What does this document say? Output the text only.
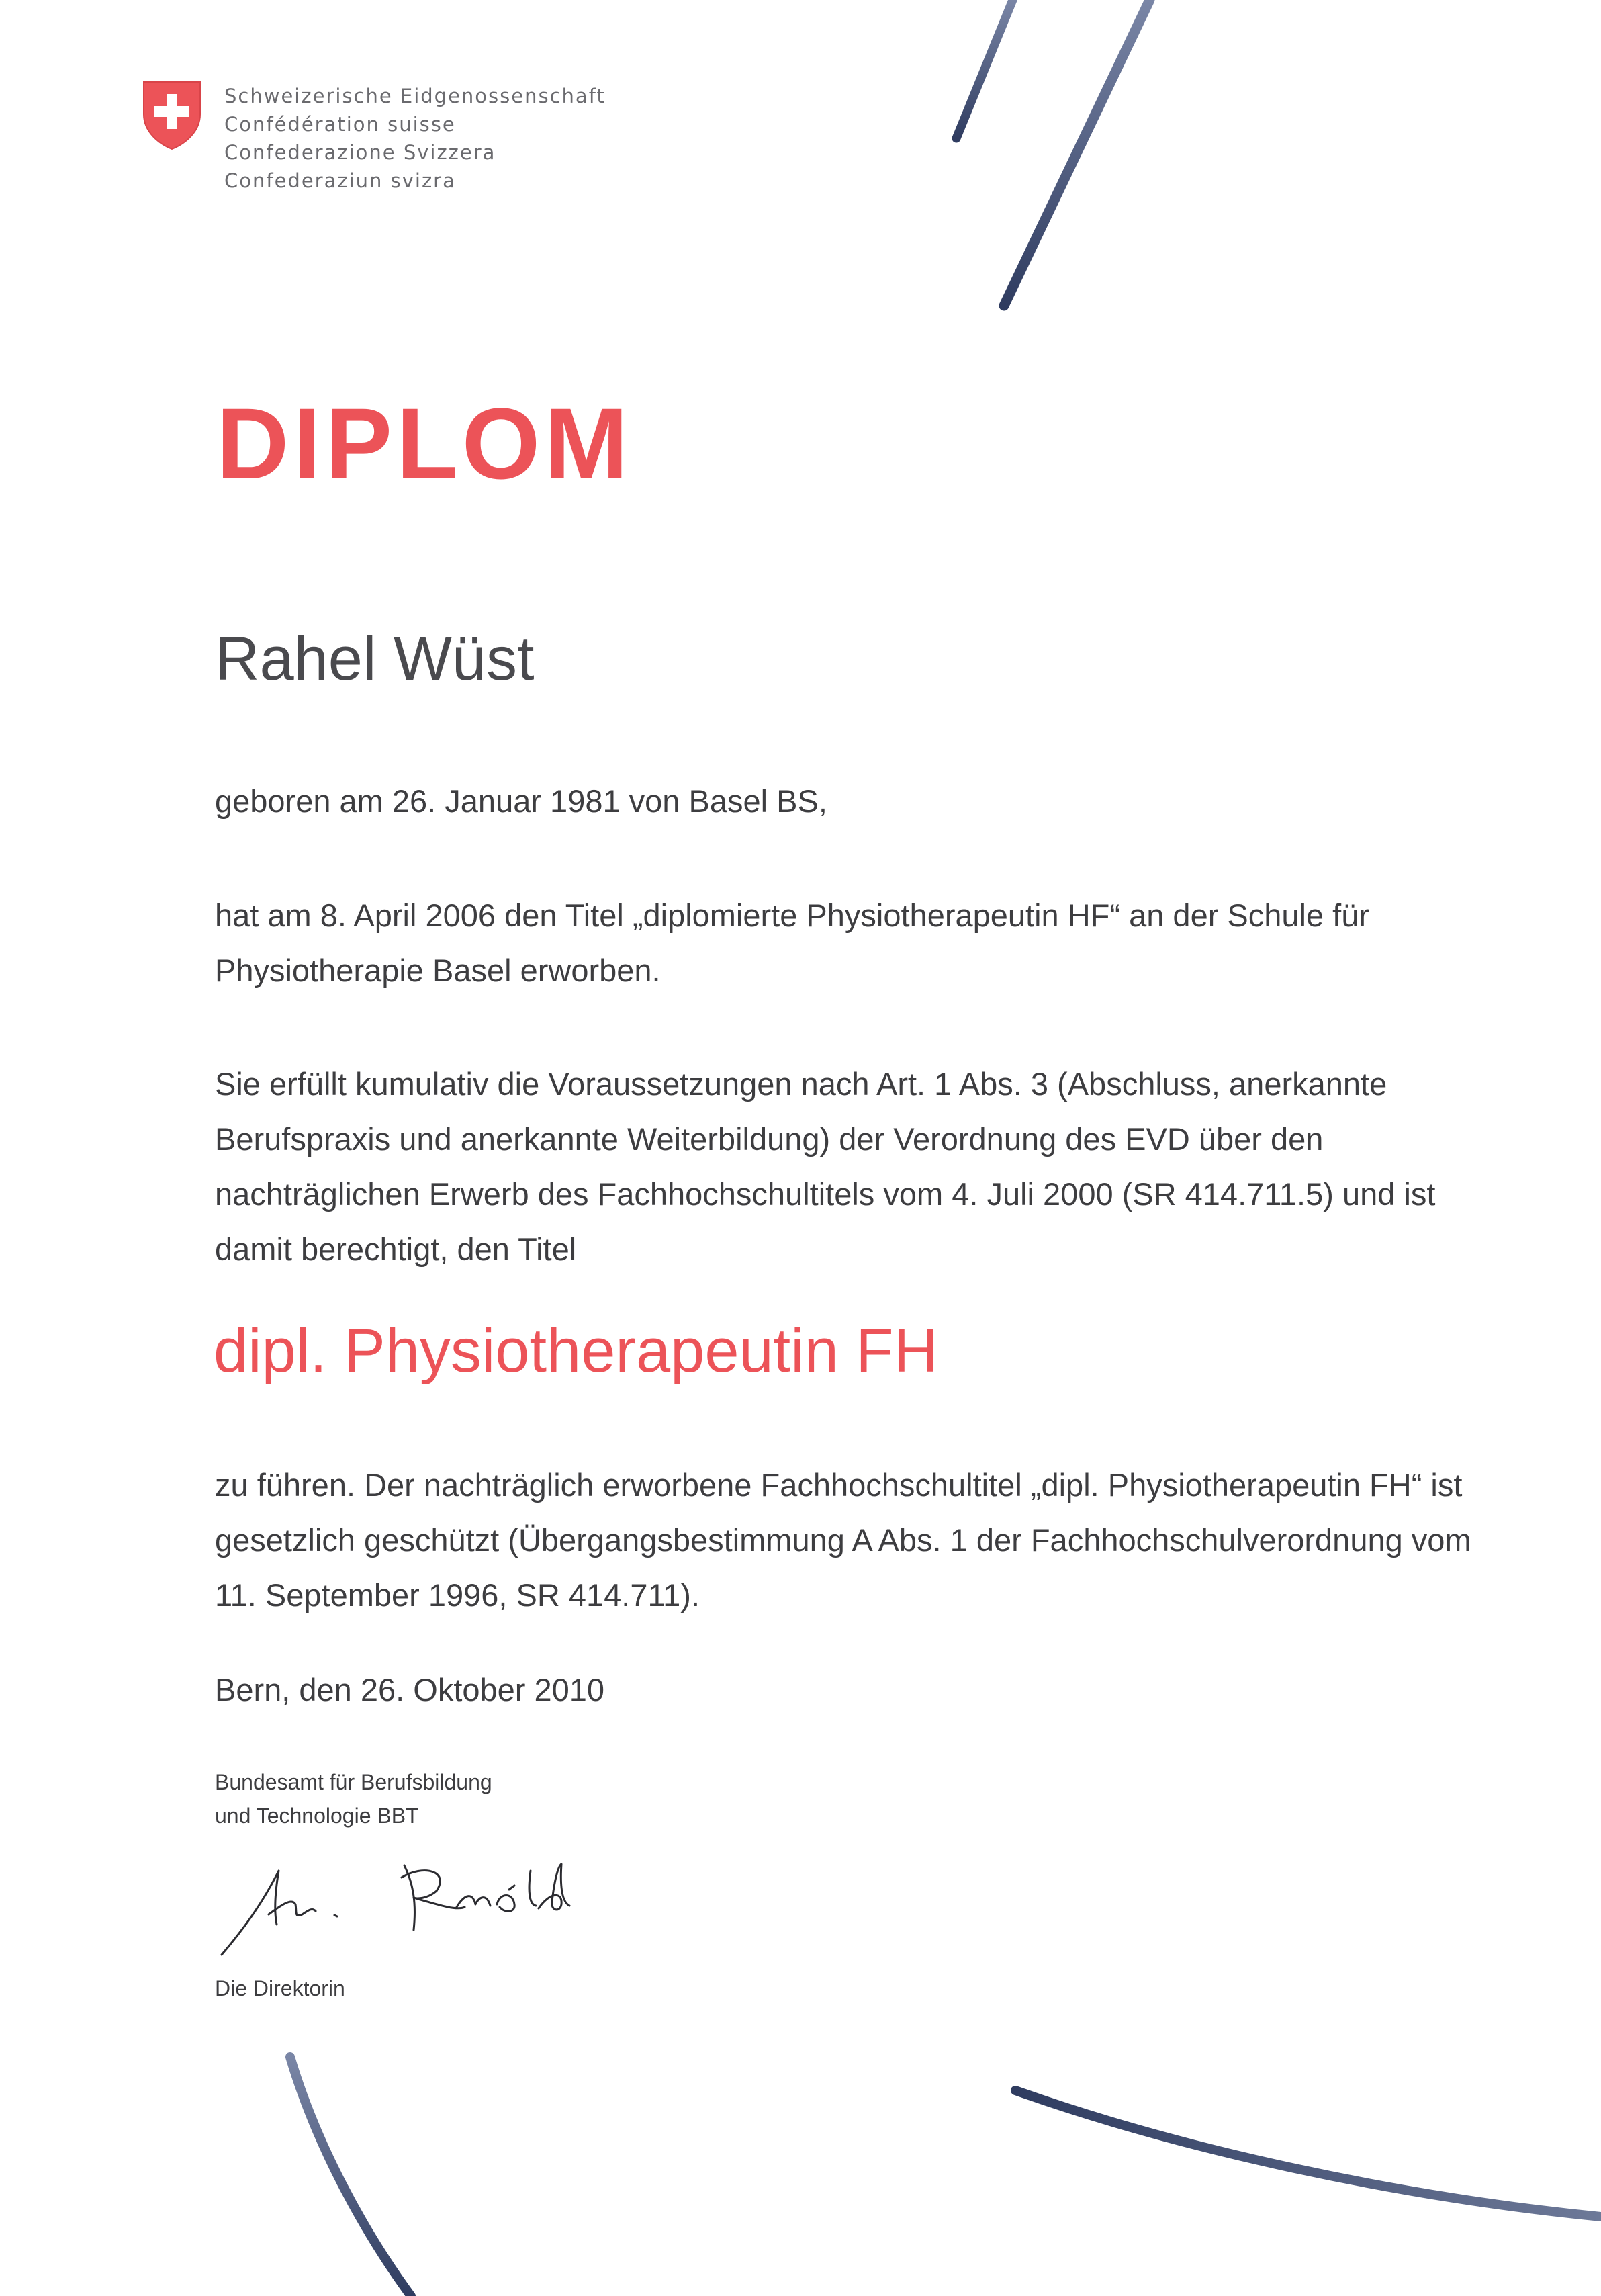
Schweizerische Eidgenossenschaft
Confédération suisse
Confederazione Svizzera
Confederaziun svizra
DIPLOM
Rahel Wüst
geboren am 26. Januar 1981 von Basel BS,
hat am 8. April 2006 den Titel „diplomierte Physiotherapeutin HF“ an der Schule für Physiotherapie Basel erworben.
Sie erfüllt kumulativ die Voraussetzungen nach Art. 1 Abs. 3 (Abschluss, anerkannte Berufspraxis und anerkannte Weiterbildung) der Verordnung des EVD über den nachträglichen Erwerb des Fachhochschultitels vom 4. Juli 2000 (SR 414.711.5) und ist damit berechtigt, den Titel
dipl. Physiotherapeutin FH
zu führen. Der nachträglich erworbene Fachhochschultitel „dipl. Physiotherapeutin FH“ ist gesetzlich geschützt (Übergangsbestimmung A Abs. 1 der Fachhochschulverordnung vom 11. September 1996, SR 414.711).
Bern, den 26. Oktober 2010
Bundesamt für Berufsbildung
und Technologie BBT
Die Direktorin
